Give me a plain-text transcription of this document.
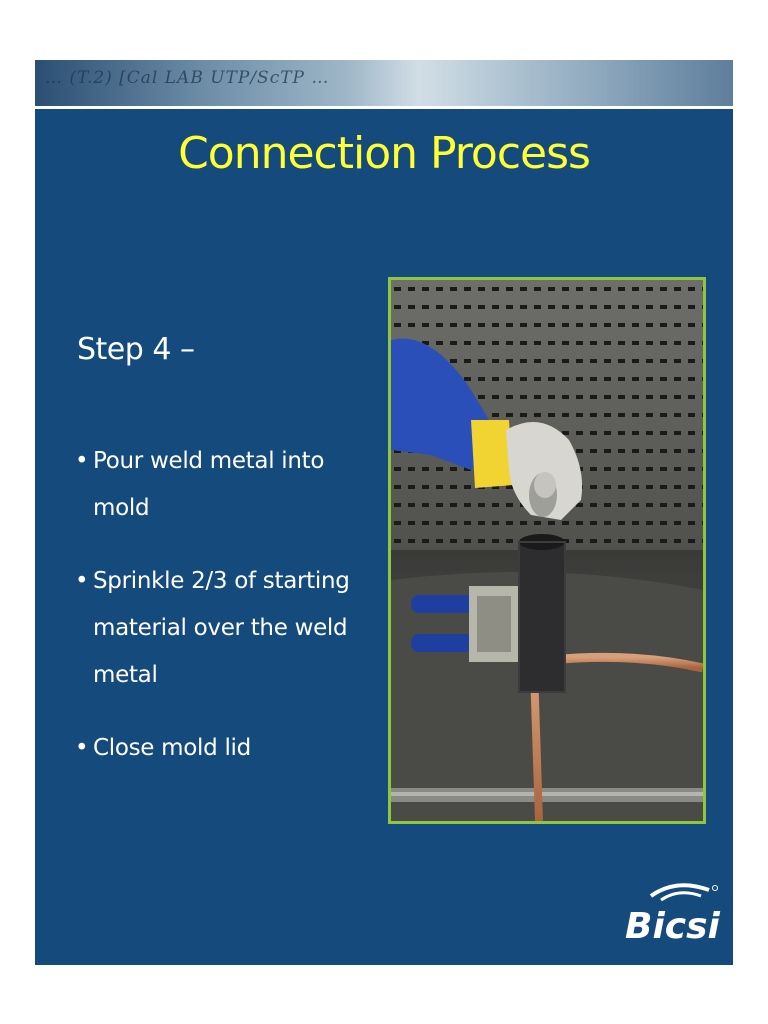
… (T.2) [Cal LAB UTP/ScTP …
Connection Process
Step 4 –
• Pour weld metal into mold
• Sprinkle 2/3 of starting material over the weld metal
• Close mold lid
Bicsi
